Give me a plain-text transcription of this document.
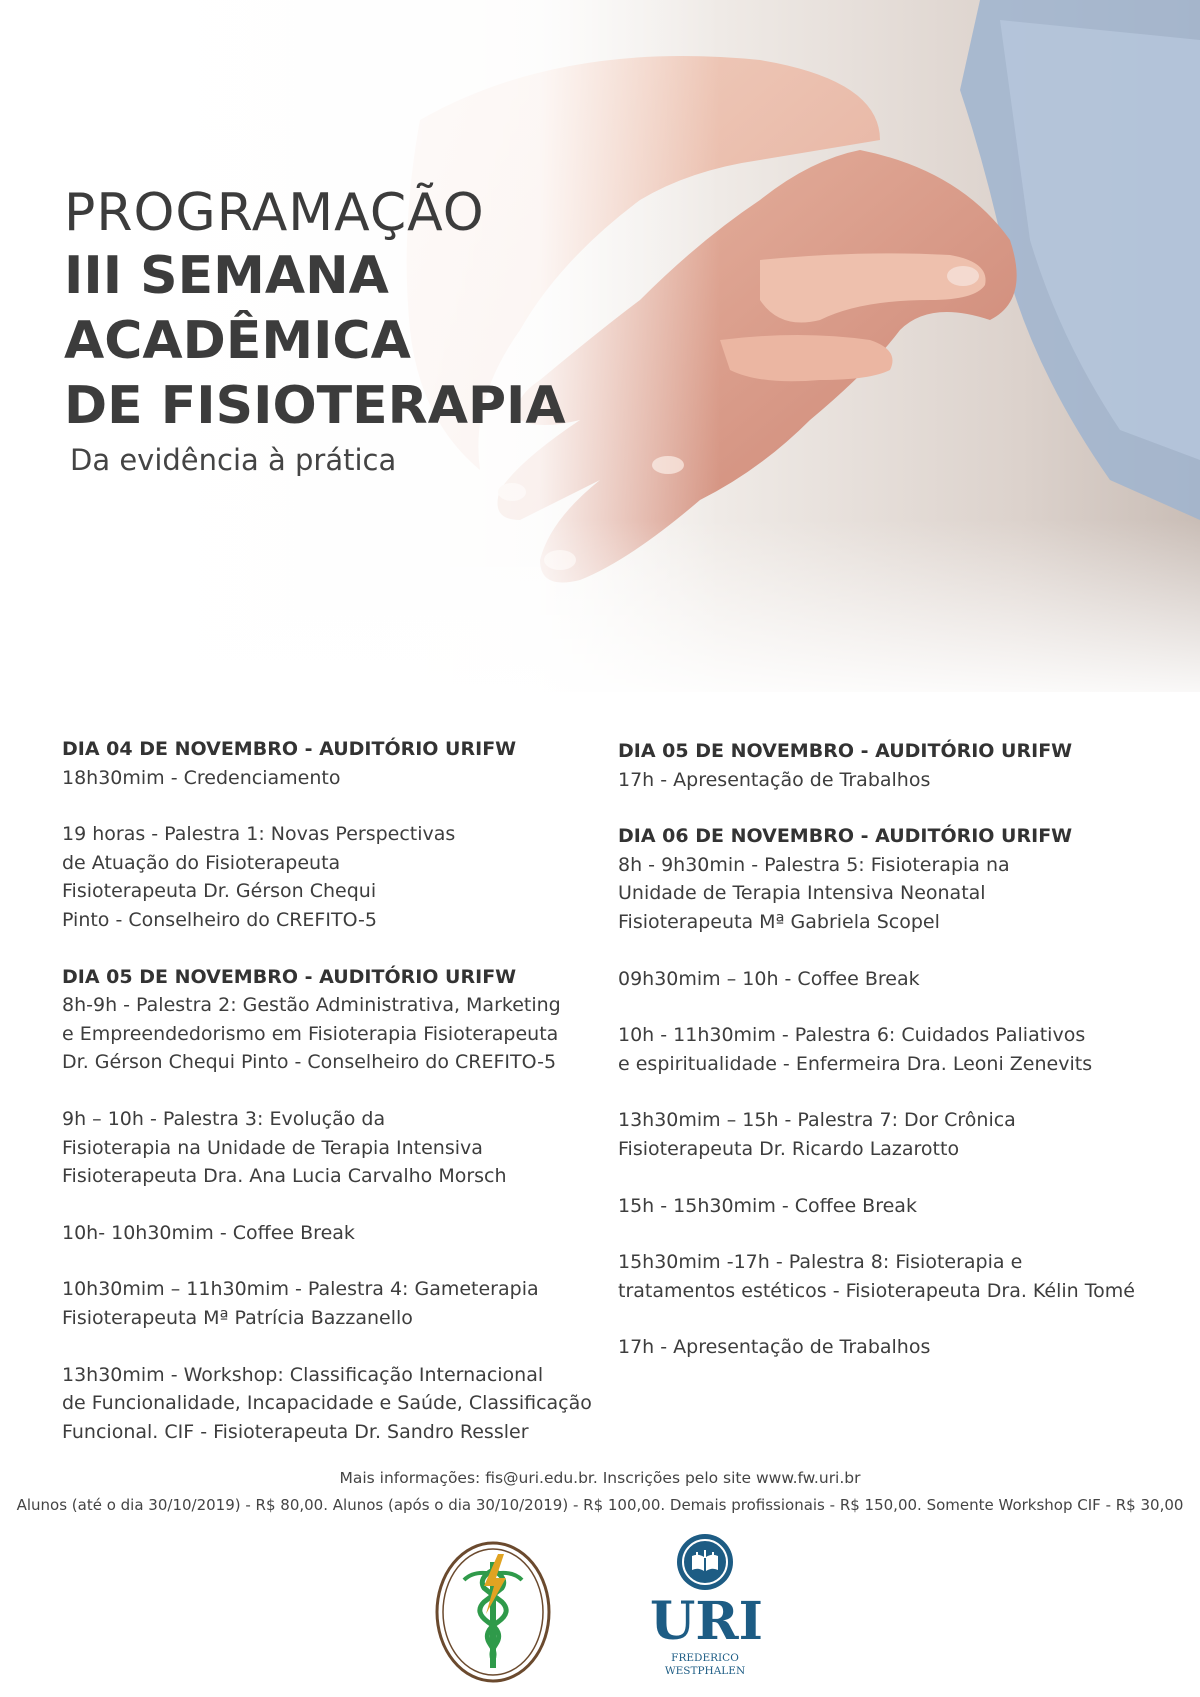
PROGRAMAÇÃO
III SEMANA
ACADÊMICA
DE FISIOTERAPIA
Da evidência à prática
DIA 04 DE NOVEMBRO - AUDITÓRIO URIFW
18h30mim - Credenciamento
19 horas - Palestra 1: Novas Perspectivas
de Atuação do Fisioterapeuta
Fisioterapeuta Dr. Gérson Chequi
Pinto - Conselheiro do CREFITO-5
DIA 05 DE NOVEMBRO - AUDITÓRIO URIFW
8h-9h - Palestra 2: Gestão Administrativa, Marketing
e Empreendedorismo em Fisioterapia Fisioterapeuta
Dr. Gérson Chequi Pinto - Conselheiro do CREFITO-5
9h – 10h - Palestra 3: Evolução da
Fisioterapia na Unidade de Terapia Intensiva
Fisioterapeuta Dra. Ana Lucia Carvalho Morsch
10h- 10h30mim - Coffee Break
10h30mim – 11h30mim - Palestra 4: Gameterapia
Fisioterapeuta Mª Patrícia Bazzanello
13h30mim - Workshop: Classificação Internacional
de Funcionalidade, Incapacidade e Saúde, Classificação
Funcional. CIF - Fisioterapeuta Dr. Sandro Ressler
DIA 05 DE NOVEMBRO - AUDITÓRIO URIFW
17h - Apresentação de Trabalhos
DIA 06 DE NOVEMBRO - AUDITÓRIO URIFW
8h - 9h30min - Palestra 5: Fisioterapia na
Unidade de Terapia Intensiva Neonatal
Fisioterapeuta Mª Gabriela Scopel
09h30mim – 10h - Coffee Break
10h - 11h30mim - Palestra 6: Cuidados Paliativos
e espiritualidade - Enfermeira Dra. Leoni Zenevits
13h30mim – 15h - Palestra 7: Dor Crônica
Fisioterapeuta Dr. Ricardo Lazarotto
15h - 15h30mim - Coffee Break
15h30mim -17h - Palestra 8: Fisioterapia e
tratamentos estéticos - Fisioterapeuta Dra. Kélin Tomé
17h - Apresentação de Trabalhos
Mais informações: fis@uri.edu.br. Inscrições pelo site www.fw.uri.br
Alunos (até o dia 30/10/2019) - R$ 80,00. Alunos (após o dia 30/10/2019) - R$ 100,00. Demais profissionais - R$ 150,00. Somente Workshop CIF - R$ 30,00
URI
FREDERICO
WESTPHALEN
